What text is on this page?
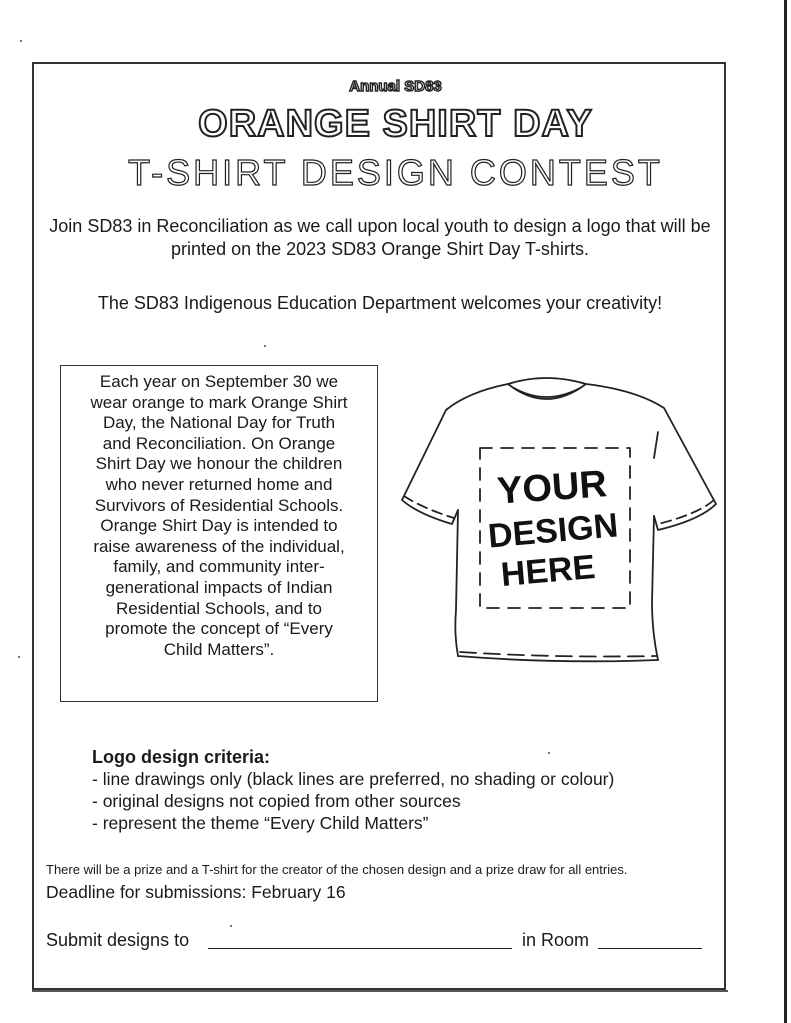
Annual SD83
ORANGE SHIRT DAY
T-SHIRT DESIGN CONTEST
Join SD83 in Reconciliation as we call upon local youth to design a logo that will be printed on the 2023 SD83 Orange Shirt Day T-shirts.
The SD83 Indigenous Education Department welcomes your creativity!
Each year on September 30 we
wear orange to mark Orange Shirt
Day, the National Day for Truth
and Reconciliation. On Orange
Shirt Day we honour the children
who never returned home and
Survivors of Residential Schools.
Orange Shirt Day is intended to
raise awareness of the individual,
family, and community inter-
generational impacts of Indian
Residential Schools, and to
promote the concept of “Every
Child Matters”.
YOUR
DESIGN
HERE
Logo design criteria:
- line drawings only (black lines are preferred, no shading or colour)
- original designs not copied from other sources
- represent the theme “Every Child Matters”
There will be a prize and a T-shirt for the creator of the chosen design and a prize draw for all entries.
Deadline for submissions: February 16
Submit designs to	in Room
